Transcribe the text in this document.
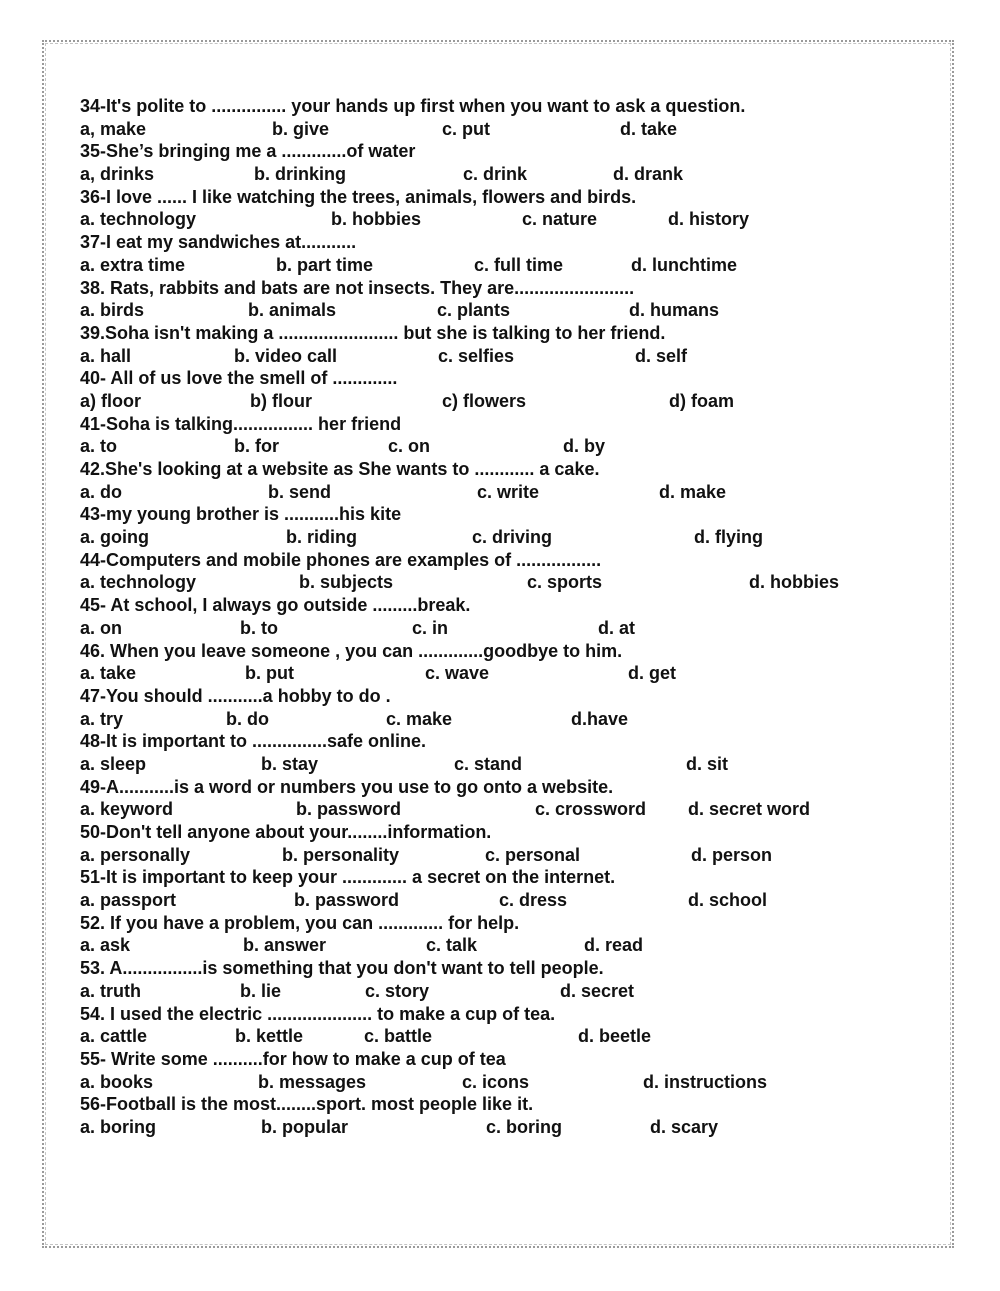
34-It's polite to ............... your hands up first when you want to ask a question.
a, make	b. give	c. put	d. take
35-She’s bringing me a .............of water
a, drinks	b. drinking	c. drink	d. drank
36-I love ...... I like watching the trees, animals, flowers and birds.
a. technology	b. hobbies	c. nature	d. history
37-I eat my sandwiches at...........
a. extra time	b. part time	c. full time	d. lunchtime
38. Rats, rabbits and bats are not insects. They are........................
a. birds	b. animals	c. plants	d. humans
39.Soha isn't making a ........................ but she is talking to her friend.
a. hall	b. video call	c. selfies	d. self
40- All of us love the smell of .............
a) floor	b) flour	c) flowers	d) foam
41-Soha is talking................ her friend
a. to	b. for	c. on	d. by
42.She's looking at a website as She wants to ............ a cake.
a. do	b. send	c. write	d. make
43-my young brother is ...........his kite
a. going	b. riding	c. driving	d. flying
44-Computers and mobile phones are examples of .................
a. technology	b. subjects	c. sports	d. hobbies
45- At school, I always go outside .........break.
a. on	b. to	c. in	d. at
46. When you leave someone , you can .............goodbye to him.
a. take	b. put	c. wave	d. get
47-You should ...........a hobby to do .
a. try	b. do	c. make	d.have
48-It is important to ...............safe online.
a. sleep	b. stay	c. stand	d. sit
49-A...........is a word or numbers you use to go onto a website.
a. keyword	b. password	c. crossword d. secret word
50-Don't tell anyone about your........information.
a. personally	b. personality	c. personal	d. person
51-It is important to keep your ............. a secret on the internet.
a. passport	b. password	c. dress	d. school
52. If you have a problem, you can ............. for help.
a. ask	b. answer	c. talk	d. read
53. A................is something that you don't want to tell people.
a. truth	b. lie	c. story	d. secret
54. I used the electric ..................... to make a cup of tea.
a. cattle	b. kettle	c. battle	d. beetle
55- Write some ..........for how to make a cup of tea
a. books	b. messages	c. icons	d. instructions
56-Football is the most........sport. most people like it.
a. boring	b. popular	c. boring	d. scary
